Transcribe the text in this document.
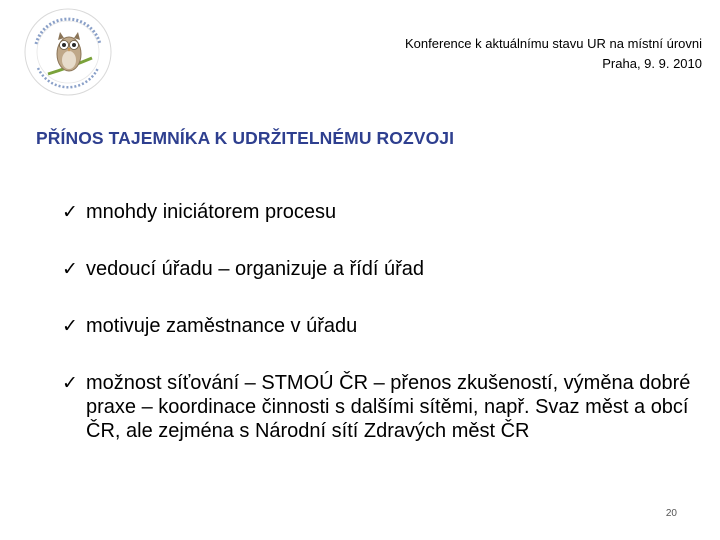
Konference k aktuálnímu stavu UR na místní úrovni
Praha, 9. 9. 2010
PŘÍNOS TAJEMNÍKA K UDRŽITELNÉMU ROZVOJI
✓ mnohdy iniciátorem procesu
✓ vedoucí úřadu – organizuje a řídí úřad
✓ motivuje zaměstnance v úřadu
✓ možnost síťování – STMOÚ ČR – přenos zkušeností, výměna dobré praxe – koordinace činnosti s dalšími sítěmi, např. Svaz měst a obcí ČR, ale zejména s Národní sítí Zdravých měst ČR
20
